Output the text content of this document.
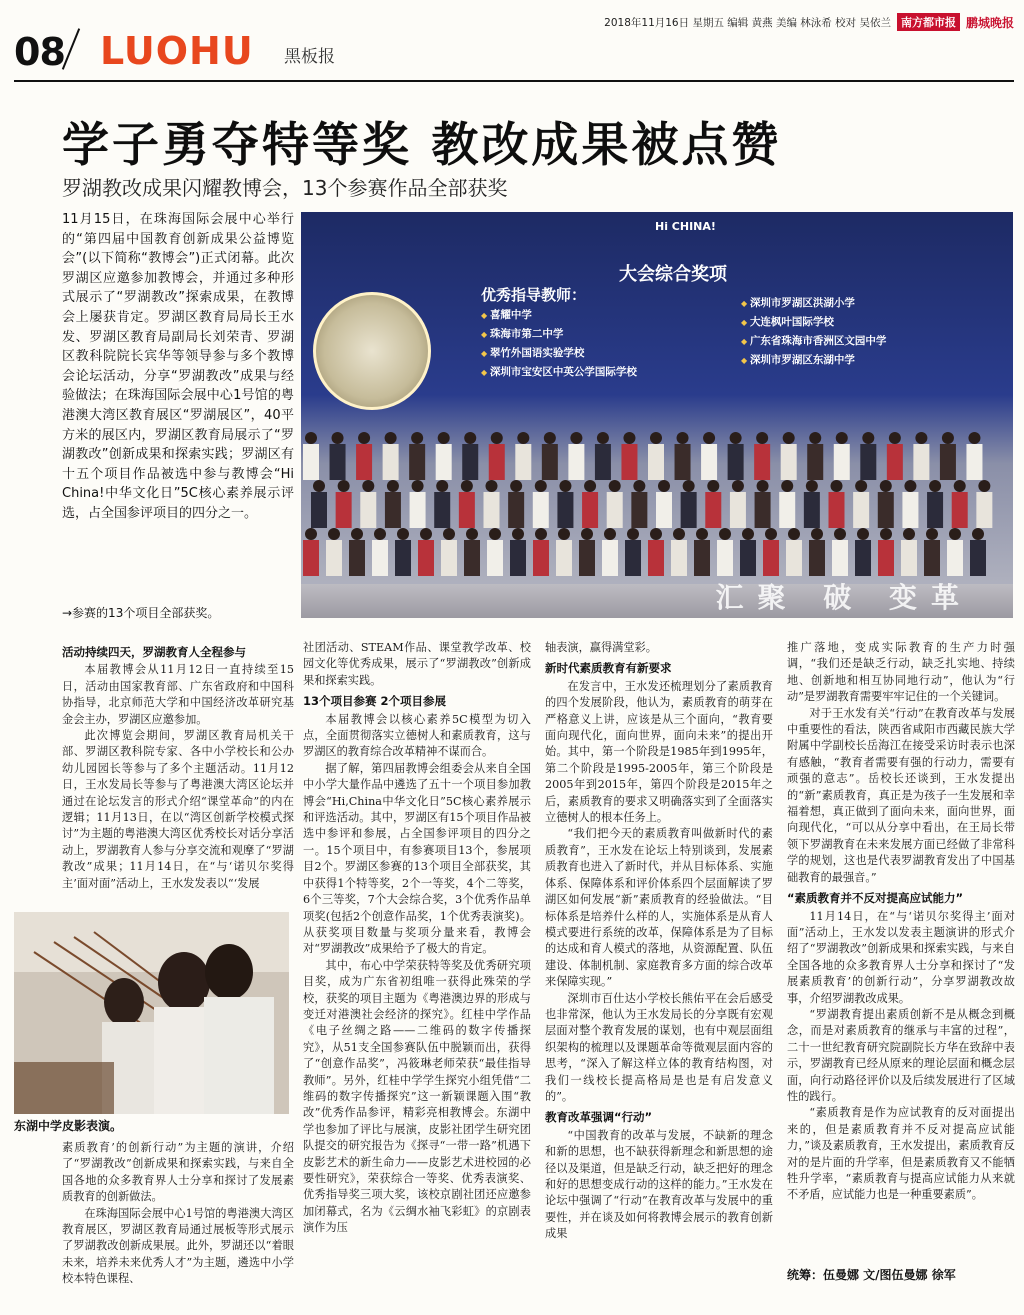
2018年11月16日 星期五 编辑 黄燕 美编 林泳希 校对 吴依兰 南方都市报 鹏城晚报
08 LUOHU 黑板报
学子勇夺特等奖 教改成果被点赞
罗湖教改成果闪耀教博会，13个参赛作品全部获奖

11月15日，在珠海国际会展中心举行的“第四届中国教育创新成果公益博览会”(以下简称“教博会”)正式闭幕。此次罗湖区应邀参加教博会，并通过多种形式展示了“罗湖教改”探索成果，在教博会上屡获肯定。罗湖区教育局局长王水发、罗湖区教育局副局长刘荣青、罗湖区教科院院长宾华等领导参与多个教博会论坛活动，分享“罗湖教改”成果与经验做法；在珠海国际会展中心1号馆的粤港澳大湾区教育展区“罗湖展区”，40平方米的展区内，罗湖区教育局展示了“罗湖教改”创新成果和探索实践；罗湖区有十五个项目作品被选中参与教博会“Hi China!中华文化日”5C核心素养展示评选，占全国参评项目的四分之一。

Hi CHINA!
大会综合奖项
优秀指导教师：
◆ 喜耀中学
◆ 珠海市第二中学
◆ 翠竹外国语实验学校
◆ 深圳市宝安区中英公学国际学校
◆ 深圳市罗湖区洪湖小学
◆ 大连枫叶国际学校
◆ 广东省珠海市香洲区文园中学
◆ 深圳市罗湖区东湖中学
汇聚 破 变革
→参赛的13个项目全部获奖。
活动持续四天，罗湖教育人全程参与

本届教博会从11月12日一直持续至15日，活动由国家教育部、广东省政府和中国科协指导，北京师范大学和中国经济改革研究基金会主办，罗湖区应邀参加。

此次博览会期间，罗湖区教育局机关干部、罗湖区教科院专家、各中小学校长和公办幼儿园园长等参与了多个主题活动。11月12日，王水发局长等参与了粤港澳大湾区论坛并通过在论坛发言的形式介绍“课堂革命”的内在逻辑；11月13日，在以“湾区创新学校模式探讨”为主题的粤港澳大湾区优秀校长对话分享活动上，罗湖教育人参与分享交流和观摩了“罗湖教改”成果；11月14日，在“与‘诺贝尔奖得主’面对面”活动上，王水发发表以“‘发展

东湖中学皮影表演。

素质教育’的创新行动”为主题的演讲，介绍了“罗湖教改”创新成果和探索实践，与来自全国各地的众多教育界人士分享和探讨了发展素质教育的创新做法。

在珠海国际会展中心1号馆的粤港澳大湾区教育展区，罗湖区教育局通过展板等形式展示了罗湖教改创新成果展。此外，罗湖还以“着眼未来，培养未来优秀人才”为主题，遴选中小学校本特色课程、

社团活动、STEAM作品、课堂教学改革、校园文化等优秀成果，展示了“罗湖教改”创新成果和探索实践。

13个项目参赛 2个项目参展

本届教博会以核心素养5C模型为切入点，全面贯彻落实立德树人和素质教育，这与罗湖区的教育综合改革精神不谋而合。

据了解，第四届教博会组委会从来自全国中小学大量作品中遴选了五十一个项目参加教博会“Hi,China中华文化日”5C核心素养展示和评选活动。其中，罗湖区有15个项目作品被选中参评和参展，占全国参评项目的四分之一。15个项目中，有参赛项目13个，参展项目2个。罗湖区参赛的13个项目全部获奖，其中获得1个特等奖，2个一等奖，4个二等奖，6个三等奖，7个大会综合奖，3个优秀作品单项奖(包括2个创意作品奖，1个优秀表演奖)。从获奖项目数量与奖项分量来看，教博会对“罗湖教改”成果给予了极大的肯定。

其中，布心中学荣获特等奖及优秀研究项目奖，成为广东省初组唯一获得此殊荣的学校，获奖的项目主题为《粤港澳边界的形成与变迁对港澳社会经济的探究》。红桂中学作品《电子丝绸之路——二维码的数字传播探究》，从51支全国参赛队伍中脱颖而出，获得了“创意作品奖”，冯筱琳老师荣获“最佳指导教师”。另外，红桂中学学生探究小组凭借“二维码的数字传播探究”这一新颖课题入围“教改”优秀作品参评，精彩亮相教博会。东湖中学也参加了评比与展演，皮影社团学生研究团队提交的研究报告为《探寻“一带一路”机遇下皮影艺术的新生命力——皮影艺术进校园的必要性研究》，荣获综合一等奖、优秀表演奖、优秀指导奖三项大奖，该校京剧社团还应邀参加闭幕式，名为《云绸水袖飞彩虹》的京剧表演作为压

轴表演，赢得满堂彩。

新时代素质教育有新要求

在发言中，王水发还梳理划分了素质教育的四个发展阶段，他认为，素质教育的萌芽在严格意义上讲，应该是从三个面向，“教育要面向现代化，面向世界，面向未来”的提出开始。其中，第一个阶段是1985年到1995年，第二个阶段是1995-2005年，第三个阶段是2005年到2015年，第四个阶段是2015年之后，素质教育的要求又明确落实到了全面落实立德树人的根本任务上。

“我们把今天的素质教育叫做新时代的素质教育”，王水发在论坛上特别谈到，发展素质教育也进入了新时代，并从目标体系、实施体系、保障体系和评价体系四个层面解读了罗湖区如何发展“新”素质教育的经验做法。“目标体系是培养什么样的人，实施体系是从育人模式要进行系统的改革，保障体系是为了目标的达成和育人模式的落地，从资源配置、队伍建设、体制机制、家庭教育多方面的综合改革来保障实现。”

深圳市百仕达小学校长熊佑平在会后感受也非常深，他认为王水发局长的分享既有宏观层面对整个教育发展的谋划，也有中观层面组织架构的梳理以及课题革命等微观层面内容的思考，“深入了解这样立体的教育结构图，对我们一线校长提高格局是也是有启发意义的”。

教育改革强调“行动”

“中国教育的改革与发展，不缺新的理念和新的思想，也不缺获得新理念和新思想的途径以及渠道，但是缺乏行动，缺乏把好的理念和好的思想变成行动的这样的能力。”王水发在论坛中强调了“行动”在教育改革与发展中的重要性，并在谈及如何将教博会展示的教育创新成果

推广落地，变成实际教育的生产力时强调，“我们还是缺乏行动，缺乏扎实地、持续地、创新地和相互协同地行动”，他认为“行动”是罗湖教育需要牢牢记住的一个关键词。

对于王水发有关“行动”在教育改革与发展中重要性的看法，陕西省咸阳市西藏民族大学附属中学副校长岳海江在接受采访时表示也深有感触，“教育者需要有强的行动力，需要有顽强的意志”。岳校长还谈到，王水发提出的“新”素质教育，真正是为孩子一生发展和幸福着想，真正做到了面向未来，面向世界，面向现代化，“可以从分享中看出，在王局长带领下罗湖教育在未来发展方面已经做了非常科学的规划，这也是代表罗湖教育发出了中国基础教育的最强音。”

“素质教育并不反对提高应试能力”

11月14日，在“与‘诺贝尔奖得主’面对面”活动上，王水发以发表主题演讲的形式介绍了“罗湖教改”创新成果和探索实践，与来自全国各地的众多教育界人士分享和探讨了“发展素质教育’的创新行动”，分享罗湖教改故事，介绍罗湖教改成果。

“罗湖教育提出素质创新不是从概念到概念，而是对素质教育的继承与丰富的过程”，二十一世纪教育研究院副院长方华在致辞中表示，罗湖教育已经从原来的理论层面和概念层面，向行动路径评价以及后续发展进行了区域性的践行。

“素质教育是作为应试教育的反对面提出来的，但是素质教育并不反对提高应试能力，”谈及素质教育，王水发提出，素质教育反对的是片面的升学率，但是素质教育又不能牺牲升学率，“素质教育与提高应试能力从来就不矛盾，应试能力也是一种重要素质”。

统筹：伍曼娜 文/图伍曼娜 徐军
